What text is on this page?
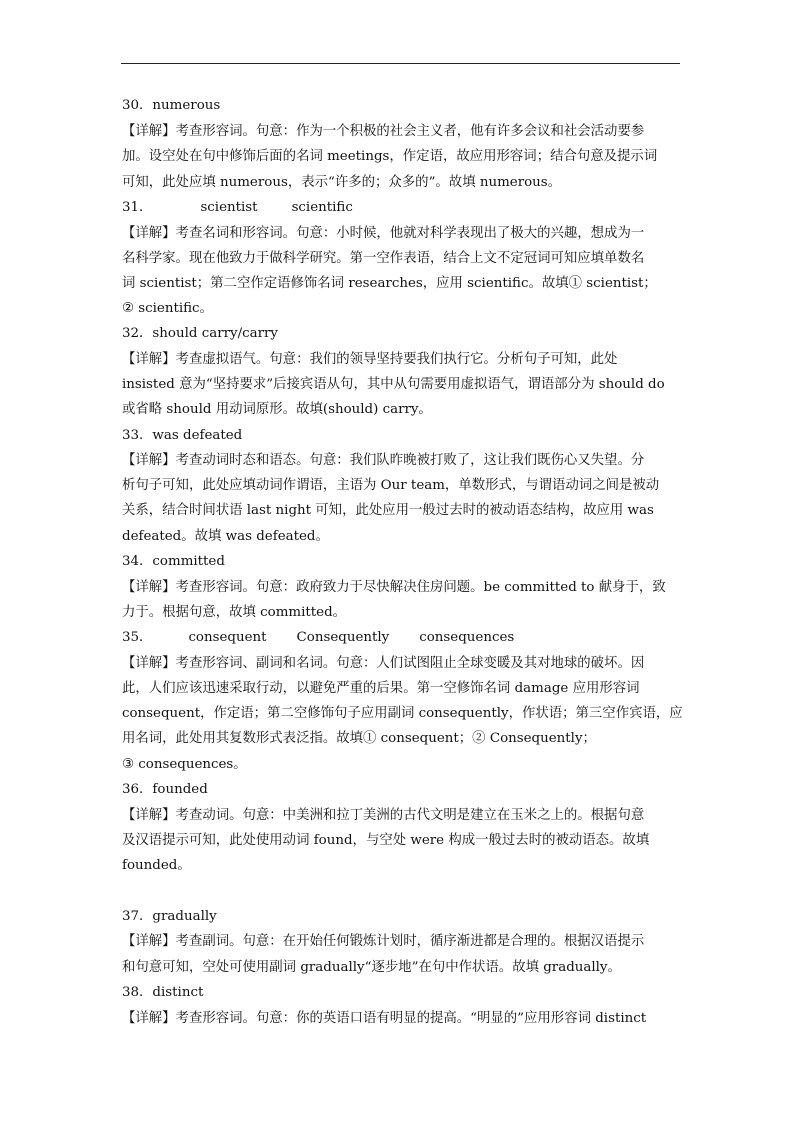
30．numerous
【详解】考查形容词。句意：作为一个积极的社会主义者，他有许多会议和社会活动要参
加。设空处在句中修饰后面的名词 meetings，作定语，故应用形容词；结合句意及提示词
可知，此处应填 numerous，表示“许多的；众多的”。故填 numerous。
31．	scientist	scientific
【详解】考查名词和形容词。句意：小时候，他就对科学表现出了极大的兴趣，想成为一
名科学家。现在他致力于做科学研究。第一空作表语，结合上文不定冠词可知应填单数名
词 scientist；第二空作定语修饰名词 researches，应用 scientific。故填① scientist；
② scientific。
32．should carry/carry
【详解】考查虚拟语气。句意：我们的领导坚持要我们执行它。分析句子可知，此处
insisted 意为“坚持要求”后接宾语从句，其中从句需要用虚拟语气，谓语部分为 should do
或省略 should 用动词原形。故填(should) carry。
33．was defeated
【详解】考查动词时态和语态。句意：我们队昨晚被打败了，这让我们既伤心又失望。分
析句子可知，此处应填动词作谓语，主语为 Our team，单数形式，与谓语动词之间是被动
关系，结合时间状语 last night 可知，此处应用一般过去时的被动语态结构，故应用 was
defeated。故填 was defeated。
34．committed
【详解】考查形容词。句意：政府致力于尽快解决住房问题。be committed to 献身于，致
力于。根据句意，故填 committed。
35．	consequent Consequently consequences
【详解】考查形容词、副词和名词。句意：人们试图阻止全球变暖及其对地球的破坏。因
此，人们应该迅速采取行动，以避免严重的后果。第一空修饰名词 damage 应用形容词
consequent，作定语；第二空修饰句子应用副词 consequently，作状语；第三空作宾语，应
用名词，此处用其复数形式表泛指。故填① consequent；② Consequently；
③ consequences。
36．founded
【详解】考查动词。句意：中美洲和拉丁美洲的古代文明是建立在玉米之上的。根据句意
及汉语提示可知，此处使用动词 found，与空处 were 构成一般过去时的被动语态。故填
founded。
37．gradually
【详解】考查副词。句意：在开始任何锻炼计划时，循序渐进都是合理的。根据汉语提示
和句意可知，空处可使用副词 gradually“逐步地”在句中作状语。故填 gradually。
38．distinct
【详解】考查形容词。句意：你的英语口语有明显的提高。“明显的”应用形容词 distinct
